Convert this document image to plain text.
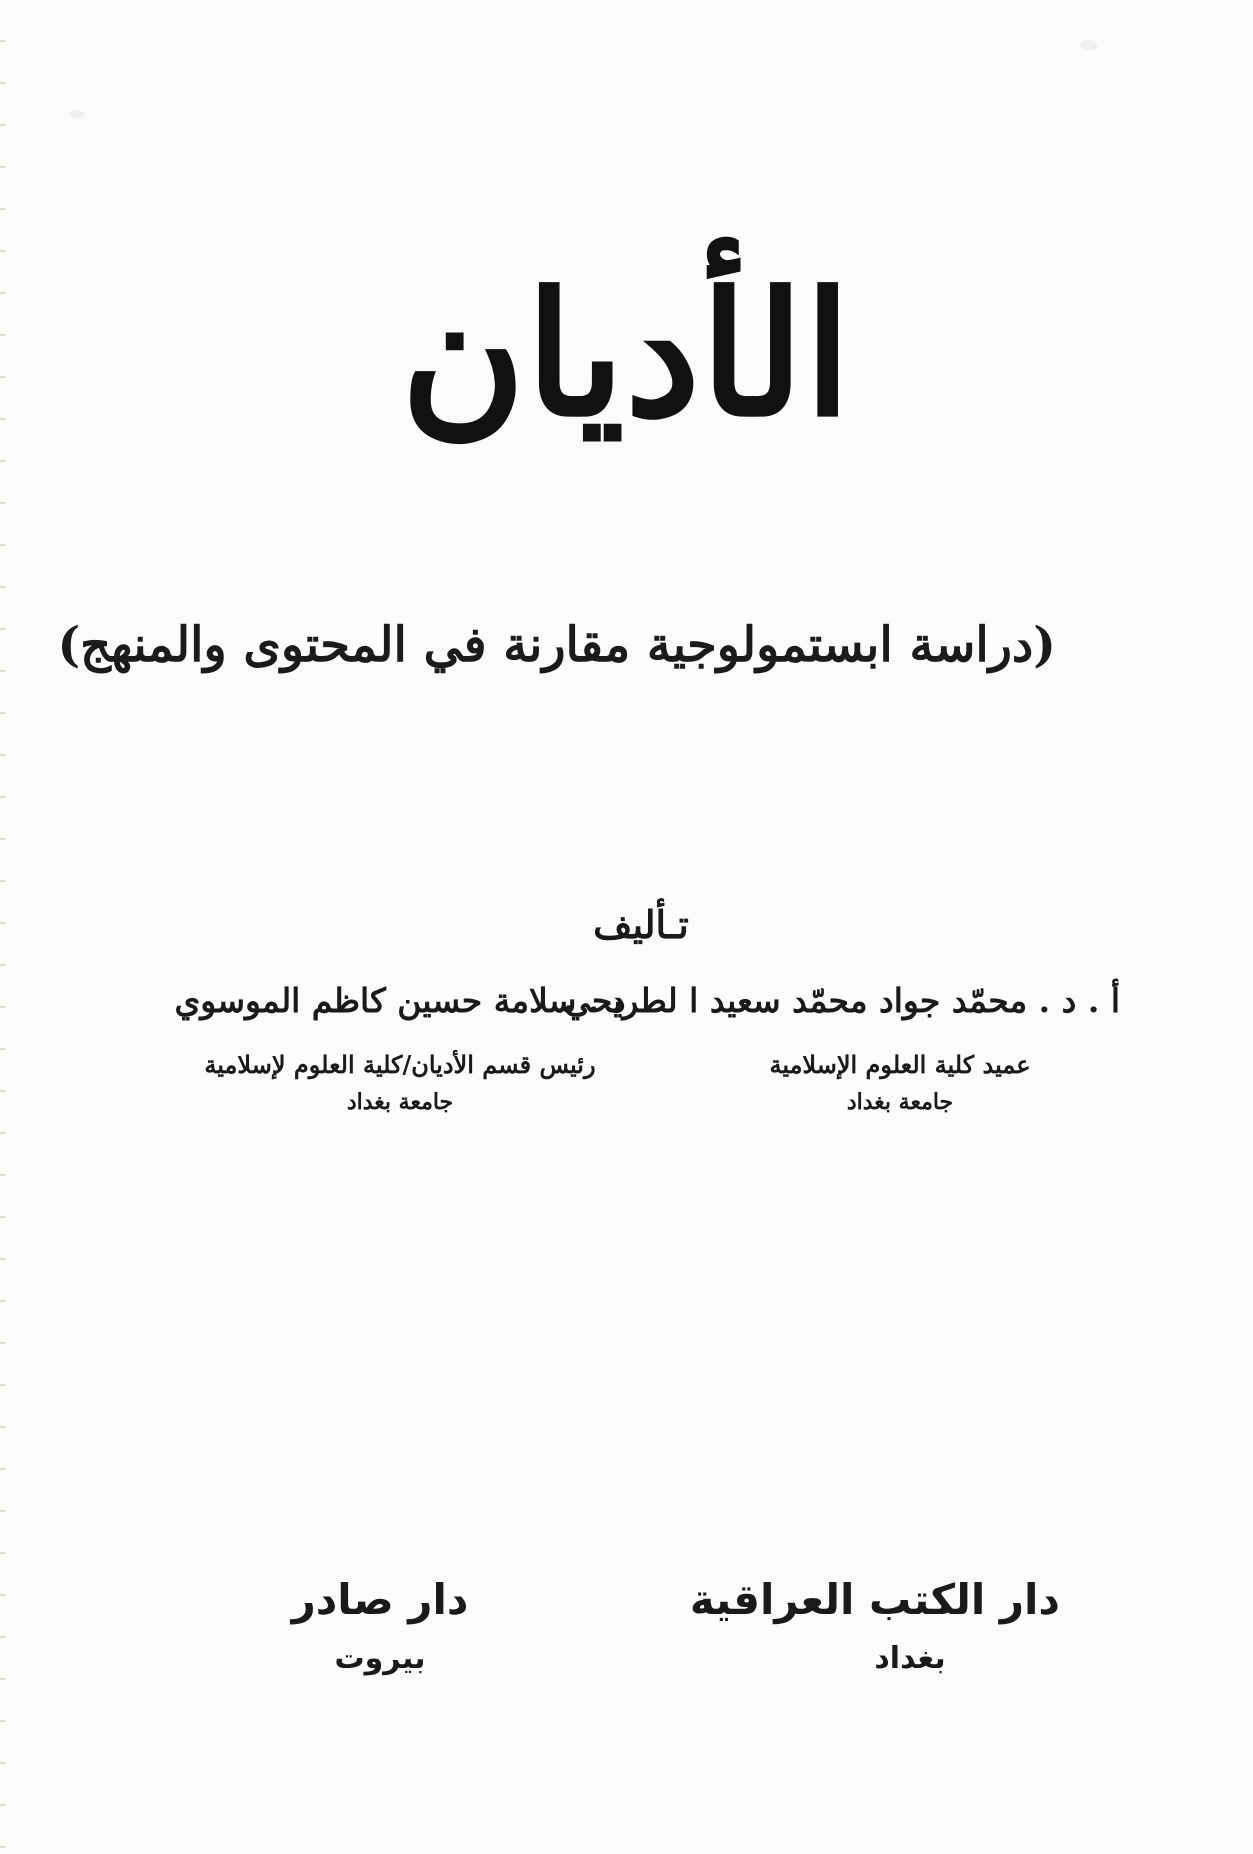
الأديان
(دراسة ابستمولوجية مقارنة في المحتوى والمنهج)
تـأليف
أ . د . محمّد جواد محمّد سعيد ا لطريحي
عميد كلية العلوم الإسلامية
جامعة بغداد
د . سلامة حسين كاظم الموسوي
رئيس قسم الأديان/كلية العلوم لإسلامية
جامعة بغداد
دار الكتب العراقية
بغداد
دار صادر
بيروت
